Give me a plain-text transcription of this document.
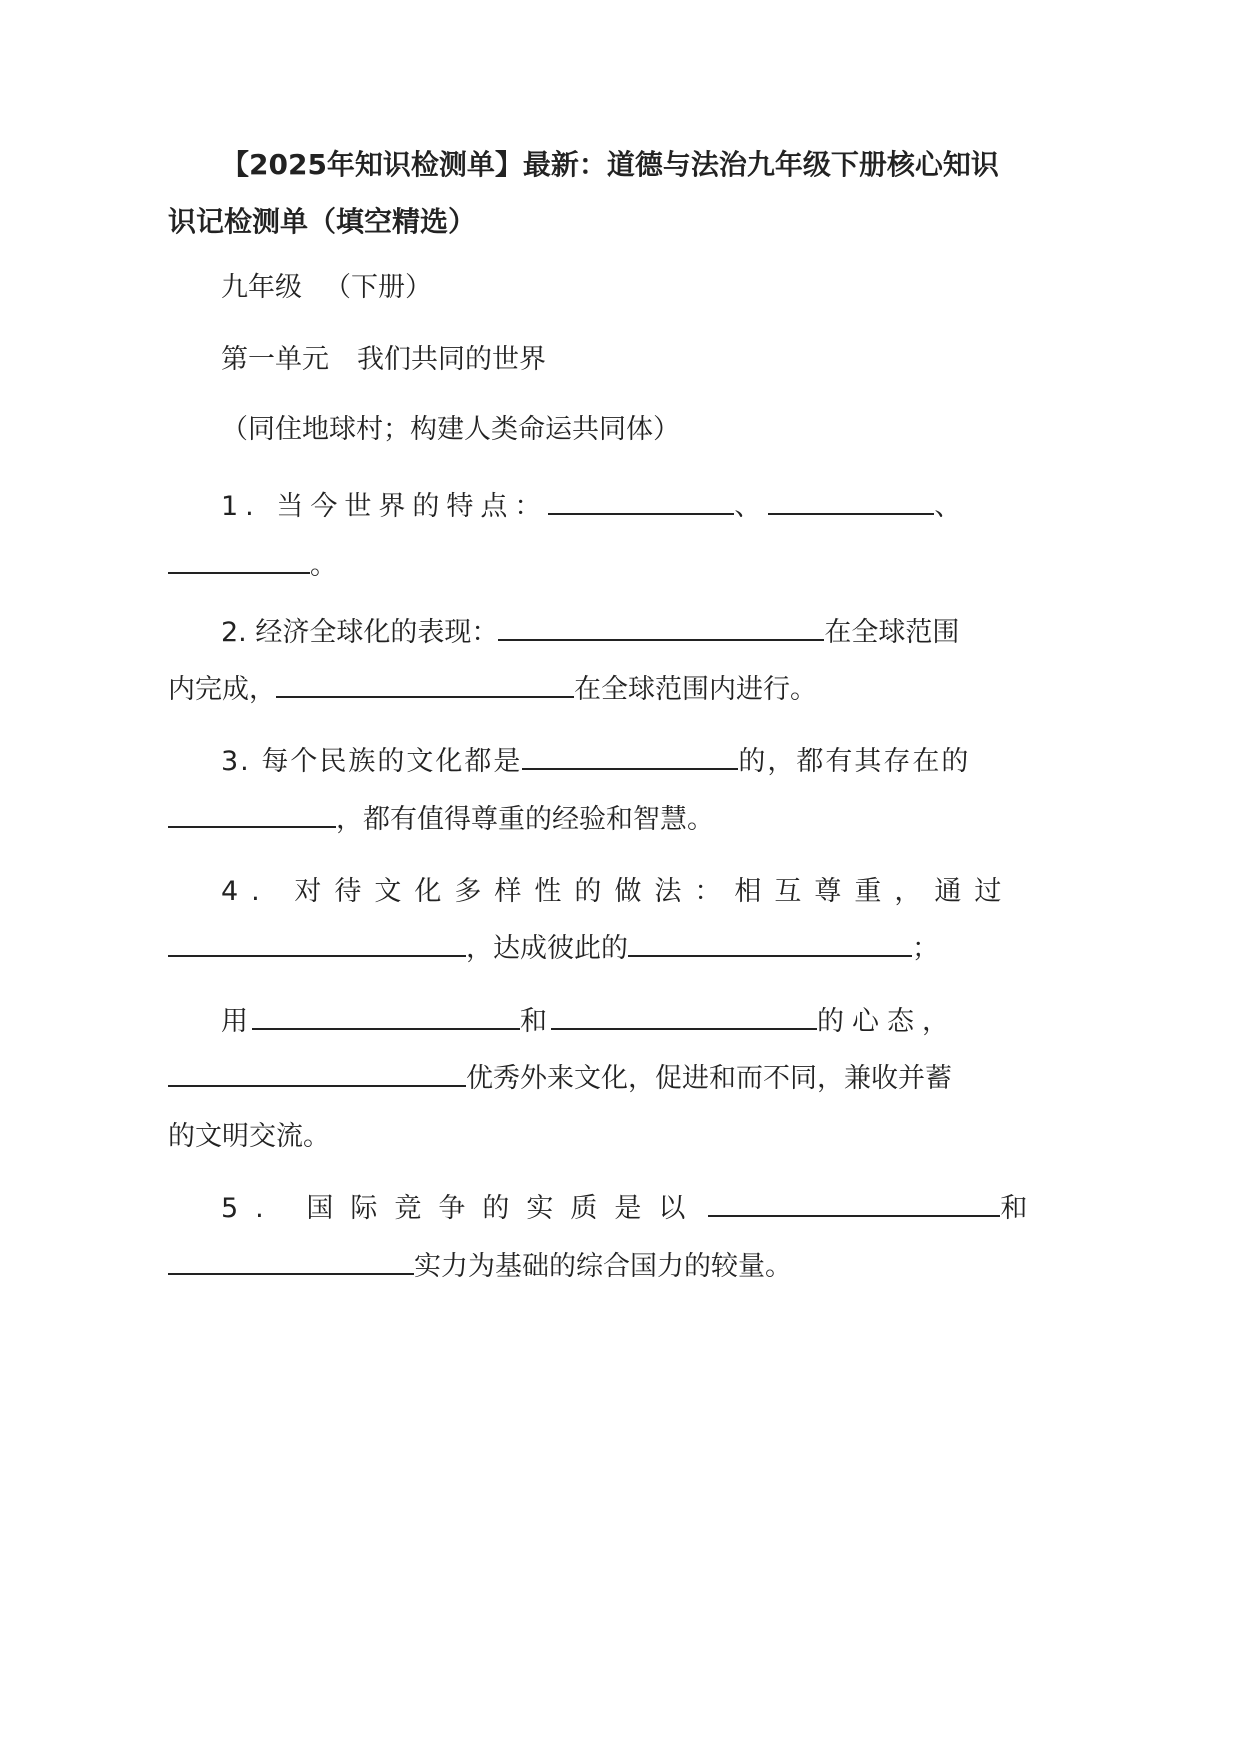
【2025年知识检测单】最新：道德与法治九年级下册核心知识
识记检测单（填空精选）
九年级 （下册）
第一单元 我们共同的世界
（同住地球村；构建人类命运共同体）
1. 当今世界的特点：	、	、
。
2. 经济全球化的表现：	在全球范围
内完成，	在全球范围内进行。
3. 每个民族的文化都是	的，都有其存在的
，都有值得尊重的经验和智慧。
4. 对待文化多样性的做法：相互尊重，通过
，达成彼此的	；
用	和	的心态，
优秀外来文化，促进和而不同，兼收并蓄
的文明交流。
5. 国际竞争的实质是以	和
实力为基础的综合国力的较量。
